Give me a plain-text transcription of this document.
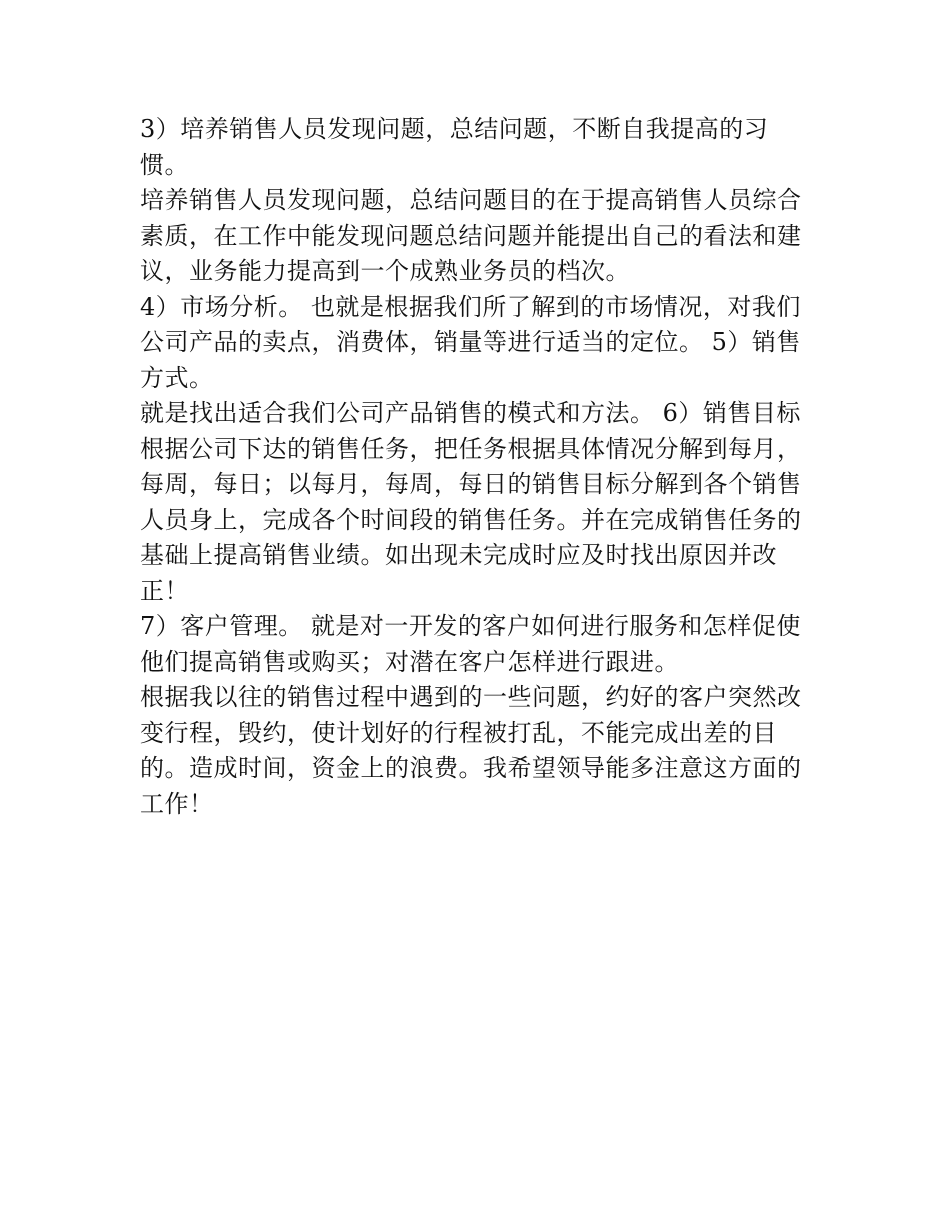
3）培养销售人员发现问题，总结问题，不断自我提高的习
惯。
培养销售人员发现问题，总结问题目的在于提高销售人员综合
素质，在工作中能发现问题总结问题并能提出自己的看法和建
议，业务能力提高到一个成熟业务员的档次。
4）市场分析。 也就是根据我们所了解到的市场情况，对我们
公司产品的卖点，消费体，销量等进行适当的定位。 5）销售
方式。
就是找出适合我们公司产品销售的模式和方法。 6）销售目标
根据公司下达的销售任务，把任务根据具体情况分解到每月，
每周，每日；以每月，每周，每日的销售目标分解到各个销售
人员身上，完成各个时间段的销售任务。并在完成销售任务的
基础上提高销售业绩。如出现未完成时应及时找出原因并改
正！
7）客户管理。 就是对一开发的客户如何进行服务和怎样促使
他们提高销售或购买；对潜在客户怎样进行跟进。
根据我以往的销售过程中遇到的一些问题，约好的客户突然改
变行程，毁约，使计划好的行程被打乱，不能完成出差的目
的。造成时间，资金上的浪费。我希望领导能多注意这方面的
工作！
